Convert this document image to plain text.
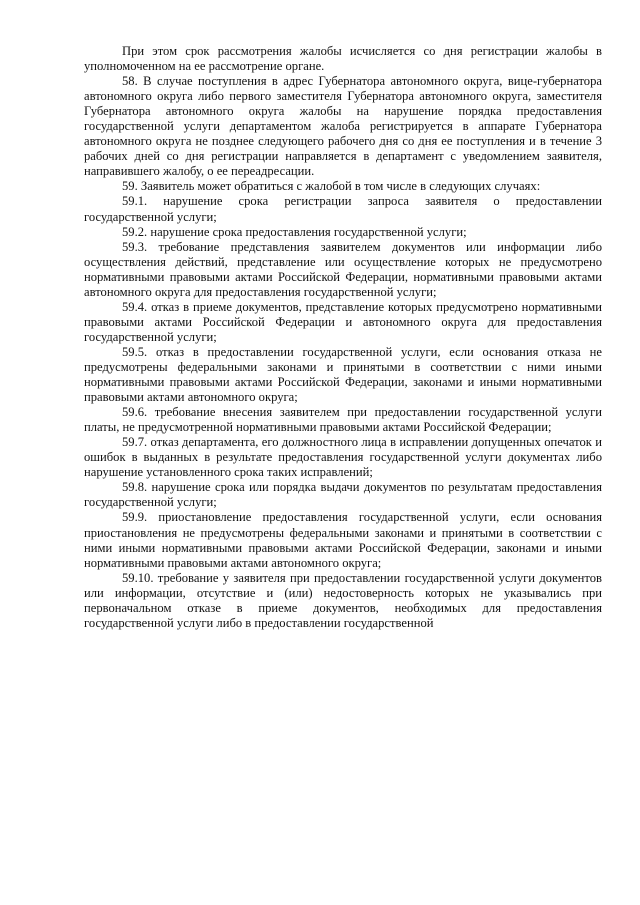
При этом срок рассмотрения жалобы исчисляется со дня регистрации жалобы в уполномоченном на ее рассмотрение органе.

58. В случае поступления в адрес Губернатора автономного округа, вице-губернатора автономного округа либо первого заместителя Губернатора автономного округа, заместителя Губернатора автономного округа жалобы на нарушение порядка предоставления государственной услуги департаментом жалоба регистрируется в аппарате Губернатора автономного округа не позднее следующего рабочего дня со дня ее поступления и в течение 3 рабочих дней со дня регистрации направляется в департамент с уведомлением заявителя, направившего жалобу, о ее переадресации.

59. Заявитель может обратиться с жалобой в том числе в следующих случаях:

59.1. нарушение срока регистрации запроса заявителя о предоставлении государственной услуги;

59.2. нарушение срока предоставления государственной услуги;

59.3. требование представления заявителем документов или информации либо осуществления действий, представление или осуществление которых не предусмотрено нормативными правовыми актами Российской Федерации, нормативными правовыми актами автономного округа для предоставления государственной услуги;

59.4. отказ в приеме документов, представление которых предусмотрено нормативными правовыми актами Российской Федерации и автономного округа для предоставления государственной услуги;

59.5. отказ в предоставлении государственной услуги, если основания отказа не предусмотрены федеральными законами и принятыми в соответствии с ними иными нормативными правовыми актами Российской Федерации, законами и иными нормативными правовыми актами автономного округа;

59.6. требование внесения заявителем при предоставлении государственной услуги платы, не предусмотренной нормативными правовыми актами Российской Федерации;

59.7. отказ департамента, его должностного лица в исправлении допущенных опечаток и ошибок в выданных в результате предоставления государственной услуги документах либо нарушение установленного срока таких исправлений;

59.8. нарушение срока или порядка выдачи документов по результатам предоставления государственной услуги;

59.9. приостановление предоставления государственной услуги, если основания приостановления не предусмотрены федеральными законами и принятыми в соответствии с ними иными нормативными правовыми актами Российской Федерации, законами и иными нормативными правовыми актами автономного округа;

59.10. требование у заявителя при предоставлении государственной услуги документов или информации, отсутствие и (или) недостоверность которых не указывались при первоначальном отказе в приеме документов, необходимых для предоставления государственной услуги либо в предоставлении государственной
